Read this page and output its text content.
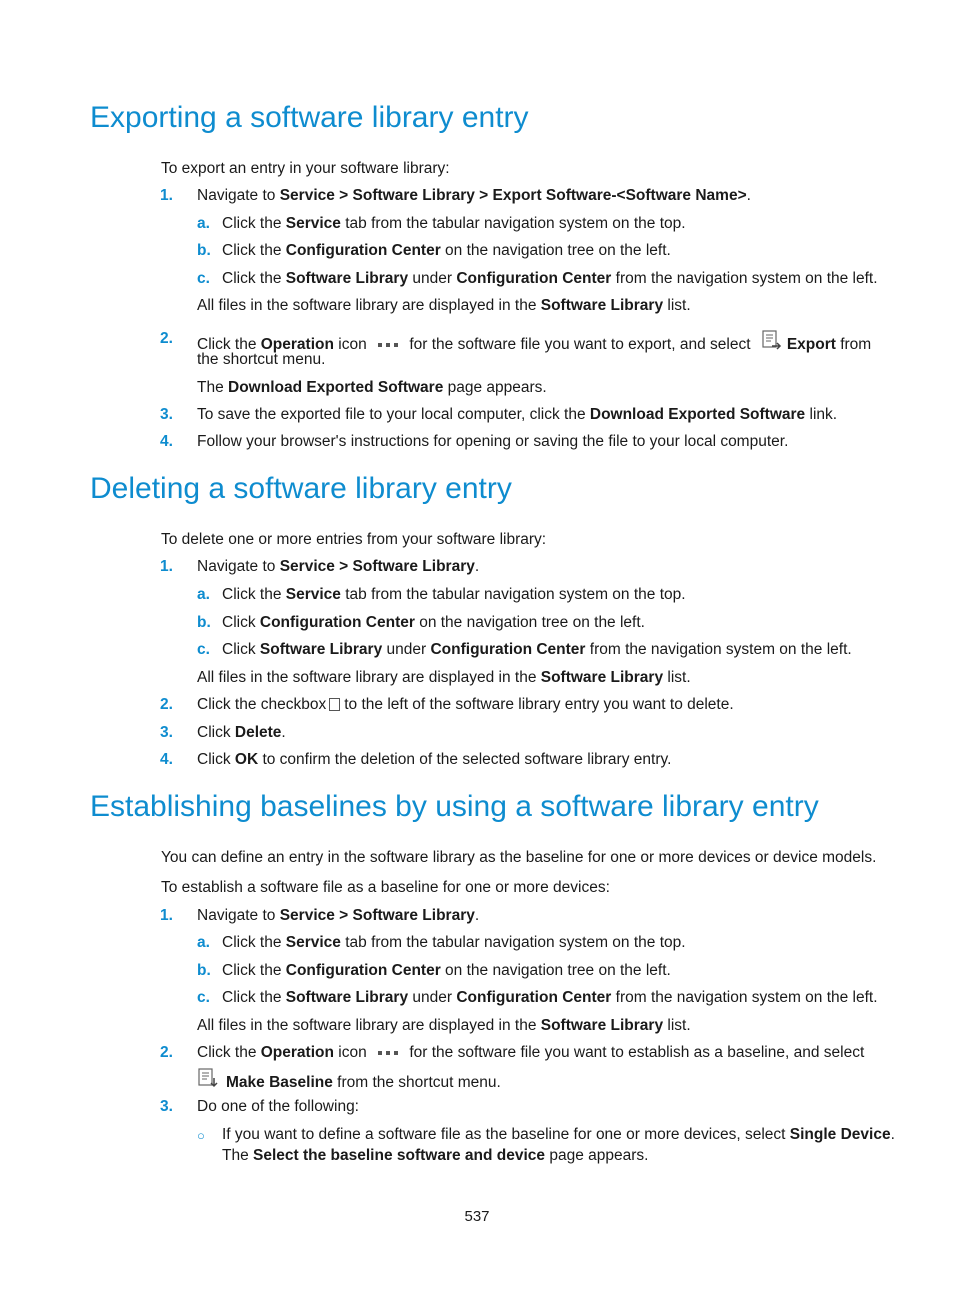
Exporting a software library entry
To export an entry in your software library:
1. Navigate to Service > Software Library > Export Software-<Software Name>.
a. Click the Service tab from the tabular navigation system on the top.
b. Click the Configuration Center on the navigation tree on the left.
c. Click the Software Library under Configuration Center from the navigation system on the left.
All files in the software library are displayed in the Software Library list.
2. Click the Operation icon  for the software file you want to export, and select Export from
the shortcut menu.
The Download Exported Software page appears.
3. To save the exported file to your local computer, click the Download Exported Software link.
4. Follow your browser's instructions for opening or saving the file to your local computer.
Deleting a software library entry
To delete one or more entries from your software library:
1. Navigate to Service > Software Library.
a. Click the Service tab from the tabular navigation system on the top.
b. Click Configuration Center on the navigation tree on the left.
c. Click Software Library under Configuration Center from the navigation system on the left.
All files in the software library are displayed in the Software Library list.
2. Click the checkbox to the left of the software library entry you want to delete.
3. Click Delete.
4. Click OK to confirm the deletion of the selected software library entry.
Establishing baselines by using a software library entry
You can define an entry in the software library as the baseline for one or more devices or device models.
To establish a software file as a baseline for one or more devices:
1. Navigate to Service > Software Library.
a. Click the Service tab from the tabular navigation system on the top.
b. Click the Configuration Center on the navigation tree on the left.
c. Click the Software Library under Configuration Center from the navigation system on the left.
All files in the software library are displayed in the Software Library list.
2. Click the Operation icon  for the software file you want to establish as a baseline, and select
Make Baseline from the shortcut menu.
3. Do one of the following:
○ If you want to define a software file as the baseline for one or more devices, select Single Device.
The Select the baseline software and device page appears.
537
